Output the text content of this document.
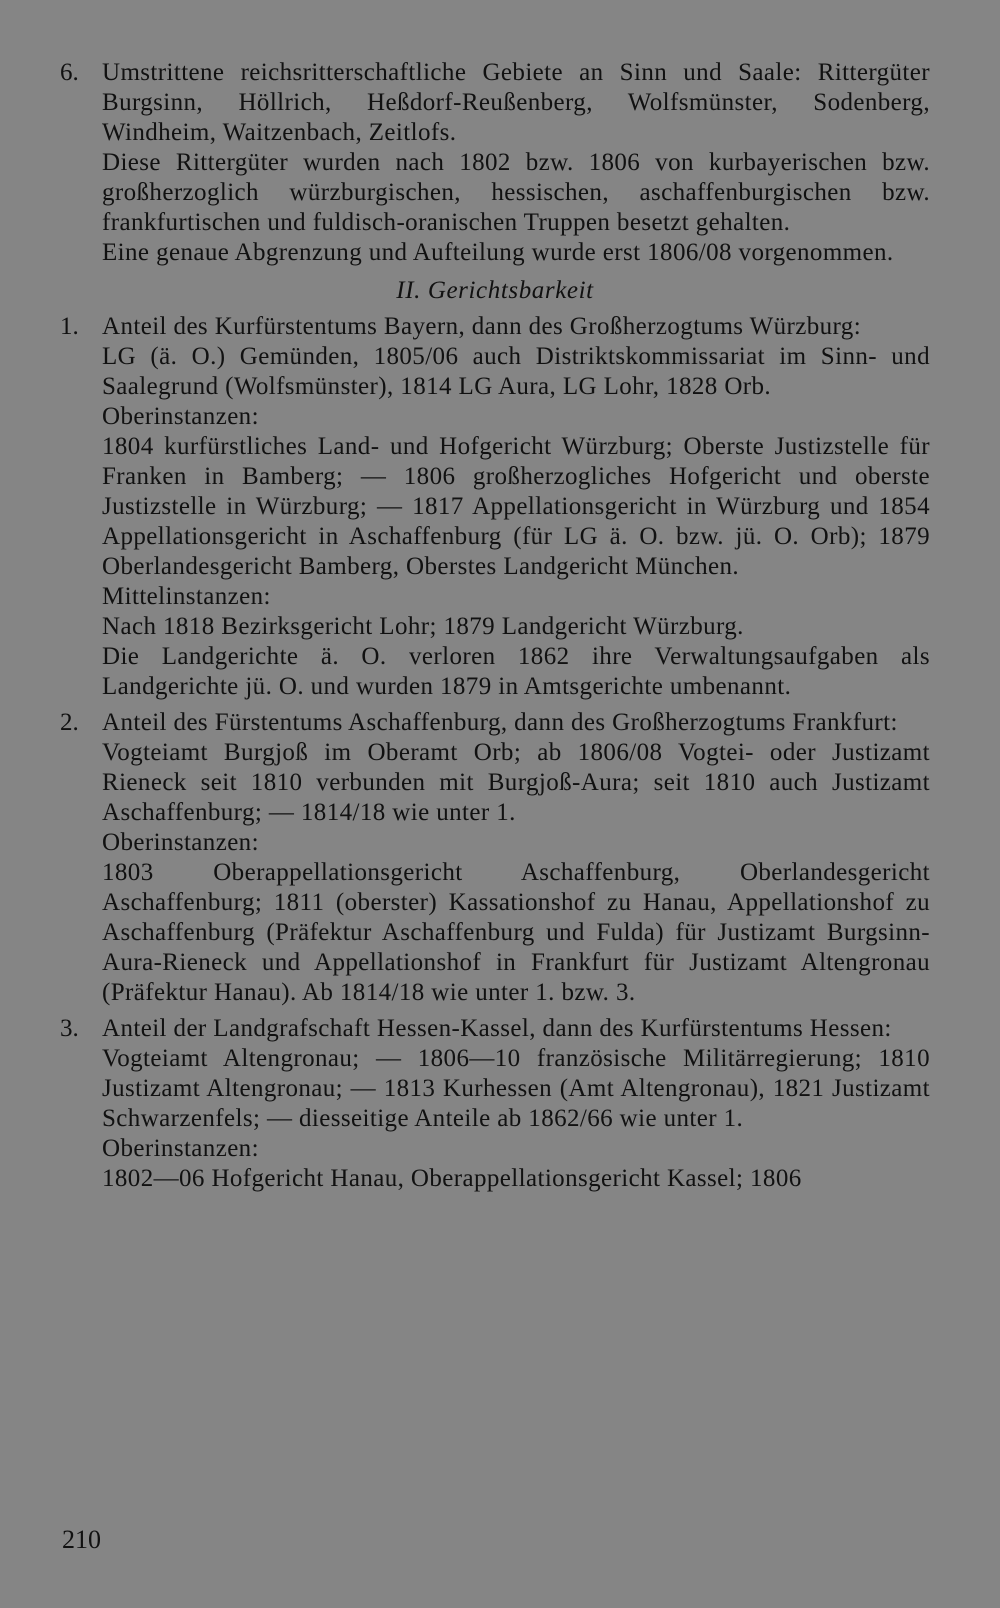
6. Umstrittene reichsritterschaftliche Gebiete an Sinn und Saale: Rittergüter Burgsinn, Höllrich, Heßdorf-Reußenberg, Wolfsmünster, Sodenberg, Windheim, Waitzenbach, Zeitlofs.

Diese Rittergüter wurden nach 1802 bzw. 1806 von kurbayerischen bzw. großherzoglich würzburgischen, hessischen, aschaffenburgischen bzw. frankfurtischen und fuldisch-oranischen Truppen besetzt gehalten.

Eine genaue Abgrenzung und Aufteilung wurde erst 1806/08 vorgenommen.

II. Gerichtsbarkeit
1. Anteil des Kurfürstentums Bayern, dann des Großherzogtums Würzburg:

LG (ä. O.) Gemünden, 1805/06 auch Distriktskommissariat im Sinn- und Saalegrund (Wolfsmünster), 1814 LG Aura, LG Lohr, 1828 Orb.

Oberinstanzen:

1804 kurfürstliches Land- und Hofgericht Würzburg; Oberste Justizstelle für Franken in Bamberg; — 1806 großherzogliches Hofgericht und oberste Justizstelle in Würzburg; — 1817 Appellationsgericht in Würzburg und 1854 Appellationsgericht in Aschaffenburg (für LG ä. O. bzw. jü. O. Orb); 1879 Oberlandesgericht Bamberg, Oberstes Landgericht München.

Mittelinstanzen:

Nach 1818 Bezirksgericht Lohr; 1879 Landgericht Würzburg.

Die Landgerichte ä. O. verloren 1862 ihre Verwaltungsaufgaben als Landgerichte jü. O. und wurden 1879 in Amtsgerichte umbenannt.

2. Anteil des Fürstentums Aschaffenburg, dann des Großherzogtums Frankfurt:

Vogteiamt Burgjoß im Oberamt Orb; ab 1806/08 Vogtei- oder Justizamt Rieneck seit 1810 verbunden mit Burgjoß-Aura; seit 1810 auch Justizamt Aschaffenburg; — 1814/18 wie unter 1.

Oberinstanzen:

1803 Oberappellationsgericht Aschaffenburg, Oberlandesgericht Aschaffenburg; 1811 (oberster) Kassationshof zu Hanau, Appellationshof zu Aschaffenburg (Präfektur Aschaffenburg und Fulda) für Justizamt Burgsinn-Aura-Rieneck und Appellationshof in Frankfurt für Justizamt Altengronau (Präfektur Hanau). Ab 1814/18 wie unter 1. bzw. 3.

3. Anteil der Landgrafschaft Hessen-Kassel, dann des Kurfürstentums Hessen:

Vogteiamt Altengronau; — 1806—10 französische Militärregierung; 1810 Justizamt Altengronau; — 1813 Kurhessen (Amt Altengronau), 1821 Justizamt Schwarzenfels; — diesseitige Anteile ab 1862/66 wie unter 1.

Oberinstanzen:

1802—06 Hofgericht Hanau, Oberappellationsgericht Kassel; 1806

210
